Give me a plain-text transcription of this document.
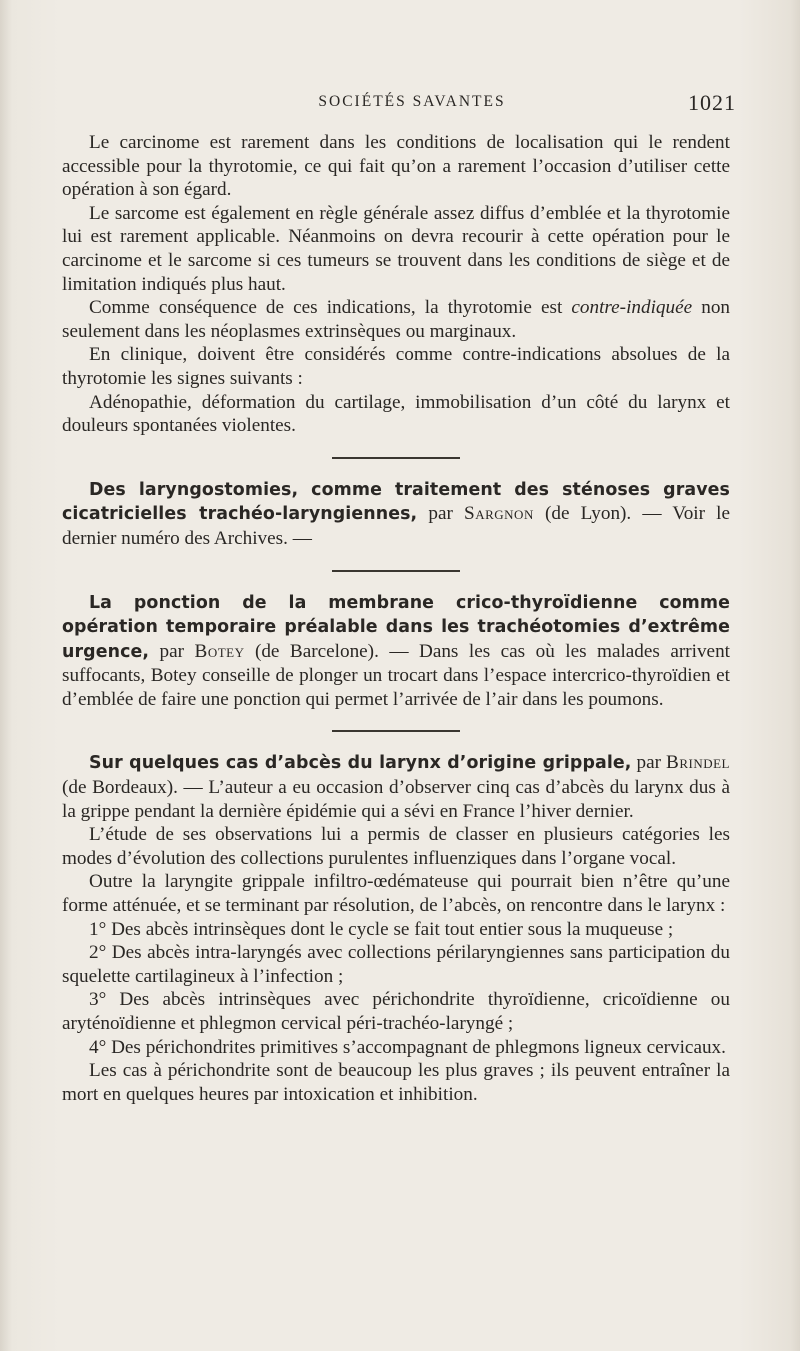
SOCIÉTÉS SAVANTES	1021

Le carcinome est rarement dans les conditions de localisation qui le rendent accessible pour la thyrotomie, ce qui fait qu’on a rarement l’occasion d’utiliser cette opération à son égard.

Le sarcome est également en règle générale assez diffus d’emblée et la thyrotomie lui est rarement applicable. Néanmoins on devra recourir à cette opération pour le carcinome et le sarcome si ces tumeurs se trouvent dans les conditions de siège et de limitation indiqués plus haut.

Comme conséquence de ces indications, la thyrotomie est contre-indiquée non seulement dans les néoplasmes extrinsèques ou marginaux.

En clinique, doivent être considérés comme contre-indications absolues de la thyrotomie les signes suivants :

Adénopathie, déformation du cartilage, immobilisation d’un côté du larynx et douleurs spontanées violentes.

Des laryngostomies, comme traitement des sténoses graves cicatricielles trachéo-laryngiennes, par Sargnon (de Lyon). — Voir le dernier numéro des Archives. —

La ponction de la membrane crico-thyroïdienne comme opération temporaire préalable dans les trachéotomies d’extrême urgence, par Botey (de Barcelone). — Dans les cas où les malades arrivent suffocants, Botey conseille de plonger un trocart dans l’espace intercrico-thyroïdien et d’emblée de faire une ponction qui permet l’arrivée de l’air dans les poumons.

Sur quelques cas d’abcès du larynx d’origine grippale, par Brindel (de Bordeaux). — L’auteur a eu occasion d’observer cinq cas d’abcès du larynx dus à la grippe pendant la dernière épidémie qui a sévi en France l’hiver dernier.

L’étude de ses observations lui a permis de classer en plusieurs catégories les modes d’évolution des collections purulentes influenziques dans l’organe vocal.

Outre la laryngite grippale infiltro-œdémateuse qui pourrait bien n’être qu’une forme atténuée, et se terminant par résolution, de l’abcès, on rencontre dans le larynx :

1° Des abcès intrinsèques dont le cycle se fait tout entier sous la muqueuse ;

2° Des abcès intra-laryngés avec collections périlaryngiennes sans participation du squelette cartilagineux à l’infection ;

3° Des abcès intrinsèques avec périchondrite thyroïdienne, cricoïdienne ou aryténoïdienne et phlegmon cervical péri-trachéo-laryngé ;

4° Des périchondrites primitives s’accompagnant de phlegmons ligneux cervicaux.

Les cas à périchondrite sont de beaucoup les plus graves ; ils peuvent entraîner la mort en quelques heures par intoxication et inhibition.
